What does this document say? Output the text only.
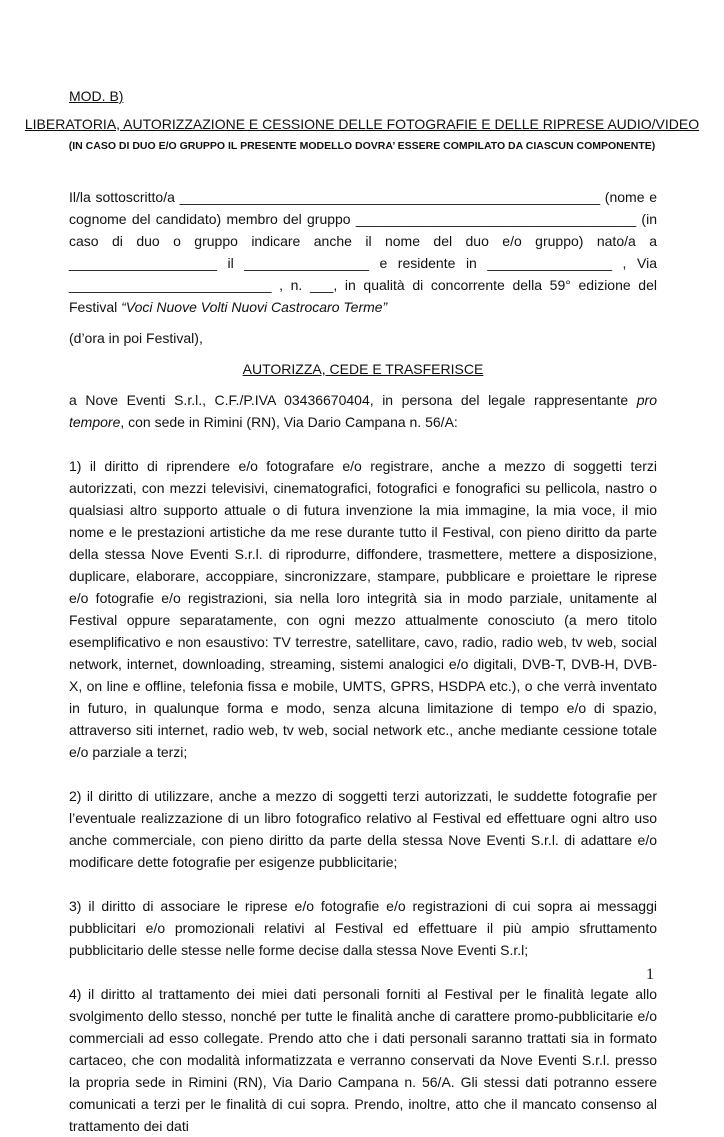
MOD. B)
LIBERATORIA, AUTORIZZAZIONE E CESSIONE DELLE FOTOGRAFIE E DELLE RIPRESE AUDIO/VIDEO
(IN CASO DI DUO E/O GRUPPO IL PRESENTE MODELLO DOVRA’ ESSERE COMPILATO DA CIASCUN COMPONENTE)

Il/la sottoscritto/a ______________________________________________________ (nome e cognome del candidato) membro del gruppo ____________________________________ (in caso di duo o gruppo indicare anche il nome del duo e/o gruppo) nato/a a ___________________ il ________________ e residente in ________________ , Via __________________________ , n. ___, in qualità di concorrente della 59° edizione del Festival “Voci Nuove Volti Nuovi Castrocaro Terme”

(d’ora in poi Festival),

AUTORIZZA, CEDE E TRASFERISCE

a Nove Eventi S.r.l., C.F./P.IVA 03436670404, in persona del legale rappresentante pro tempore, con sede in Rimini (RN), Via Dario Campana n. 56/A:

1) il diritto di riprendere e/o fotografare e/o registrare, anche a mezzo di soggetti terzi autorizzati, con mezzi televisivi, cinematografici, fotografici e fonografici su pellicola, nastro o qualsiasi altro supporto attuale o di futura invenzione la mia immagine, la mia voce, il mio nome e le prestazioni artistiche da me rese durante tutto il Festival, con pieno diritto da parte della stessa Nove Eventi S.r.l. di riprodurre, diffondere, trasmettere, mettere a disposizione, duplicare, elaborare, accoppiare, sincronizzare, stampare, pubblicare e proiettare le riprese e/o fotografie e/o registrazioni, sia nella loro integrità sia in modo parziale, unitamente al Festival oppure separatamente, con ogni mezzo attualmente conosciuto (a mero titolo esemplificativo e non esaustivo: TV terrestre, satellitare, cavo, radio, radio web, tv web, social network, internet, downloading, streaming, sistemi analogici e/o digitali, DVB-T, DVB-H, DVB-X, on line e offline, telefonia fissa e mobile, UMTS, GPRS, HSDPA etc.), o che verrà inventato in futuro, in qualunque forma e modo, senza alcuna limitazione di tempo e/o di spazio, attraverso siti internet, radio web, tv web, social network etc., anche mediante cessione totale e/o parziale a terzi;

2) il diritto di utilizzare, anche a mezzo di soggetti terzi autorizzati, le suddette fotografie per l’eventuale realizzazione di un libro fotografico relativo al Festival ed effettuare ogni altro uso anche commerciale, con pieno diritto da parte della stessa Nove Eventi S.r.l. di adattare e/o modificare dette fotografie per esigenze pubblicitarie;

3) il diritto di associare le riprese e/o fotografie e/o registrazioni di cui sopra ai messaggi pubblicitari e/o promozionali relativi al Festival ed effettuare il più ampio sfruttamento pubblicitario delle stesse nelle forme decise dalla stessa Nove Eventi S.r.l;

4) il diritto al trattamento dei miei dati personali forniti al Festival per le finalità legate allo svolgimento dello stesso, nonché per tutte le finalità anche di carattere promo-pubblicitarie e/o commerciali ad esso collegate. Prendo atto che i dati personali saranno trattati sia in formato cartaceo, che con modalità informatizzata e verranno conservati da Nove Eventi S.r.l. presso la propria sede in Rimini (RN), Via Dario Campana n. 56/A. Gli stessi dati potranno essere comunicati a terzi per le finalità di cui sopra. Prendo, inoltre, atto che il mancato consenso al trattamento dei dati

1
